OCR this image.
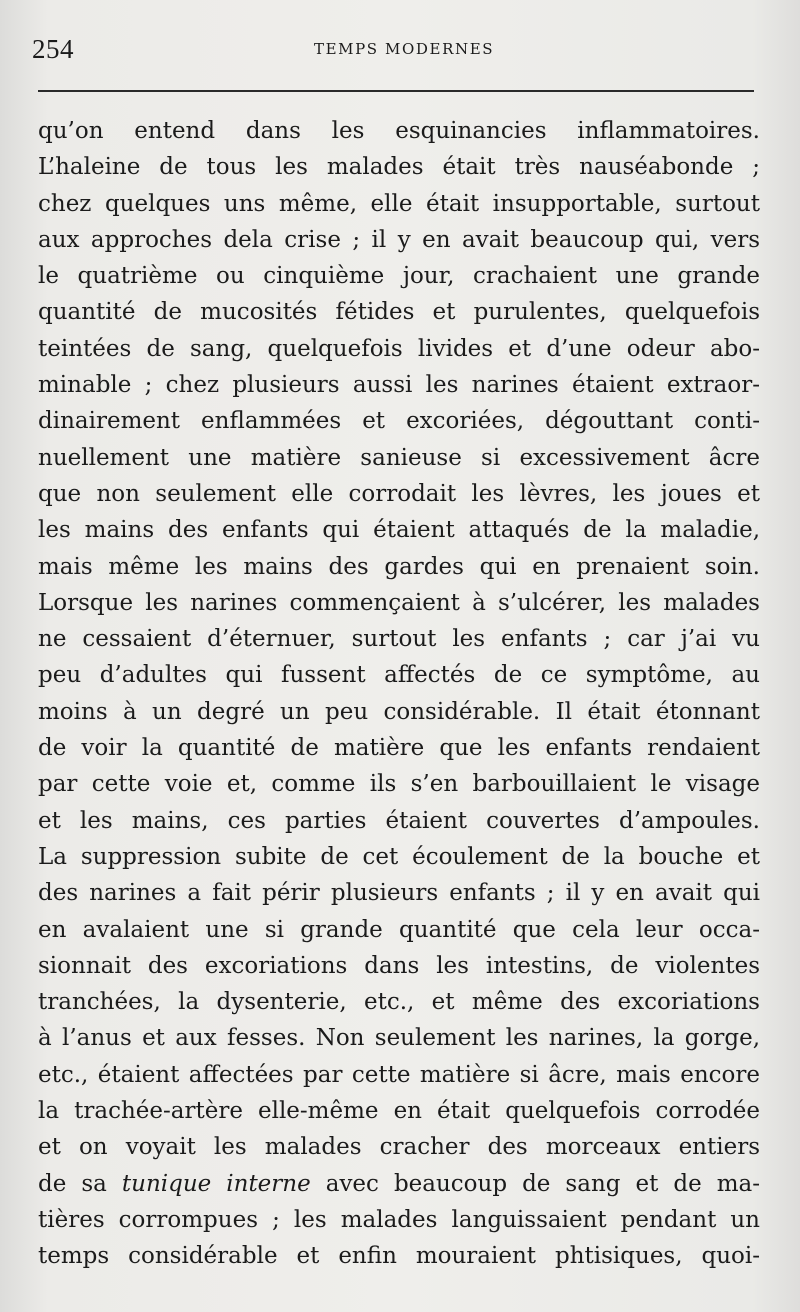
254	TEMPS MODERNES
qu’on entend dans les esquinancies inflammatoires.
L’haleine de tous les malades était très nauséabonde ;
chez quelques uns même, elle était insupportable, surtout
aux approches dela crise ; il y en avait beaucoup qui, vers
le quatrième ou cinquième jour, crachaient une grande
quantité de mucosités fétides et purulentes, quelquefois
teintées de sang, quelquefois livides et d’une odeur abo-
minable ; chez plusieurs aussi les narines étaient extraor-
dinairement enflammées et excoriées, dégouttant conti-
nuellement une matière sanieuse si excessivement âcre
que non seulement elle corrodait les lèvres, les joues et
les mains des enfants qui étaient attaqués de la maladie,
mais même les mains des gardes qui en prenaient soin.
Lorsque les narines commençaient à s’ulcérer, les malades
ne cessaient d’éternuer, surtout les enfants ; car j’ai vu
peu d’adultes qui fussent affectés de ce symptôme, au
moins à un degré un peu considérable. Il était étonnant
de voir la quantité de matière que les enfants rendaient
par cette voie et, comme ils s’en barbouillaient le visage
et les mains, ces parties étaient couvertes d’ampoules.
La suppression subite de cet écoulement de la bouche et
des narines a fait périr plusieurs enfants ; il y en avait qui
en avalaient une si grande quantité que cela leur occa-
sionnait des excoriations dans les intestins, de violentes
tranchées, la dysenterie, etc., et même des excoriations
à l’anus et aux fesses. Non seulement les narines, la gorge,
etc., étaient affectées par cette matière si âcre, mais encore
la trachée-artère elle-même en était quelquefois corrodée
et on voyait les malades cracher des morceaux entiers
de sa tunique interne avec beaucoup de sang et de ma-
tières corrompues ; les malades languissaient pendant un
temps considérable et enfin mouraient phtisiques, quoi-
